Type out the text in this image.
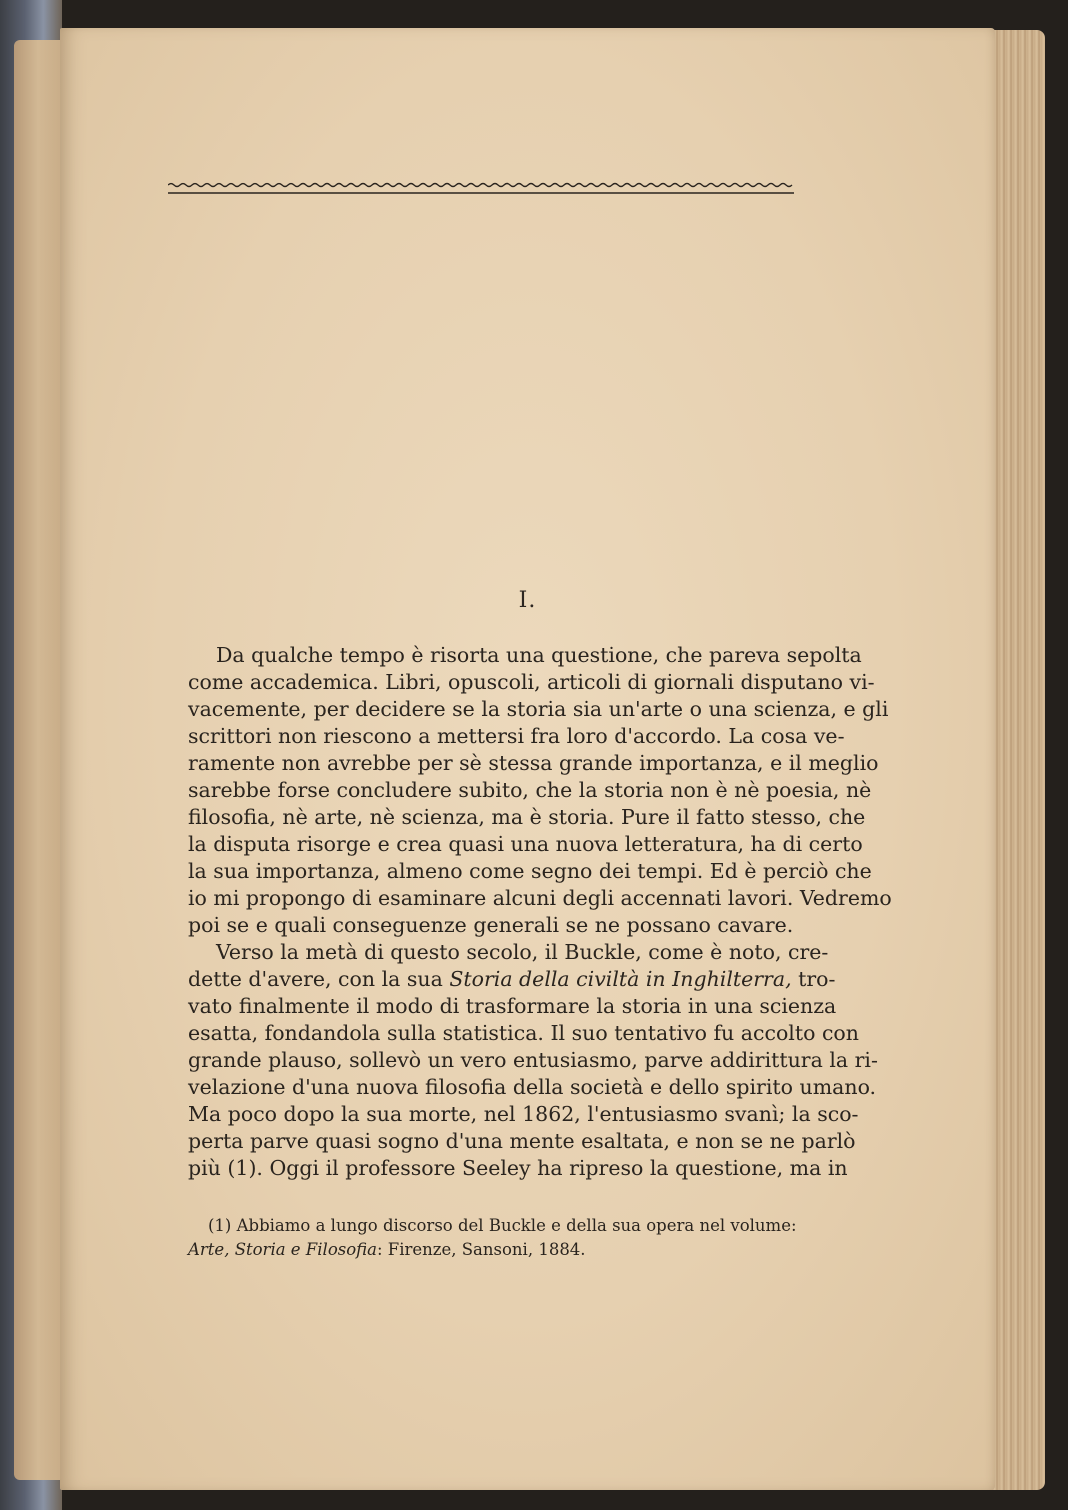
I.
Da qualche tempo è risorta una questione, che pareva sepolta
come accademica. Libri, opuscoli, articoli di giornali disputano vi-
vacemente, per decidere se la storia sia un'arte o una scienza, e gli
scrittori non riescono a mettersi fra loro d'accordo. La cosa ve-
ramente non avrebbe per sè stessa grande importanza, e il meglio
sarebbe forse concludere subito, che la storia non è nè poesia, nè
filosofia, nè arte, nè scienza, ma è storia. Pure il fatto stesso, che
la disputa risorge e crea quasi una nuova letteratura, ha di certo
la sua importanza, almeno come segno dei tempi. Ed è perciò che
io mi propongo di esaminare alcuni degli accennati lavori. Vedremo
poi se e quali conseguenze generali se ne possano cavare.
Verso la metà di questo secolo, il Buckle, come è noto, cre-
dette d'avere, con la sua Storia della civiltà in Inghilterra, tro-
vato finalmente il modo di trasformare la storia in una scienza
esatta, fondandola sulla statistica. Il suo tentativo fu accolto con
grande plauso, sollevò un vero entusiasmo, parve addirittura la ri-
velazione d'una nuova filosofia della società e dello spirito umano.
Ma poco dopo la sua morte, nel 1862, l'entusiasmo svanì; la sco-
perta parve quasi sogno d'una mente esaltata, e non se ne parlò
più (1). Oggi il professore Seeley ha ripreso la questione, ma in
(1) Abbiamo a lungo discorso del Buckle e della sua opera nel volume:
Arte, Storia e Filosofia: Firenze, Sansoni, 1884.
